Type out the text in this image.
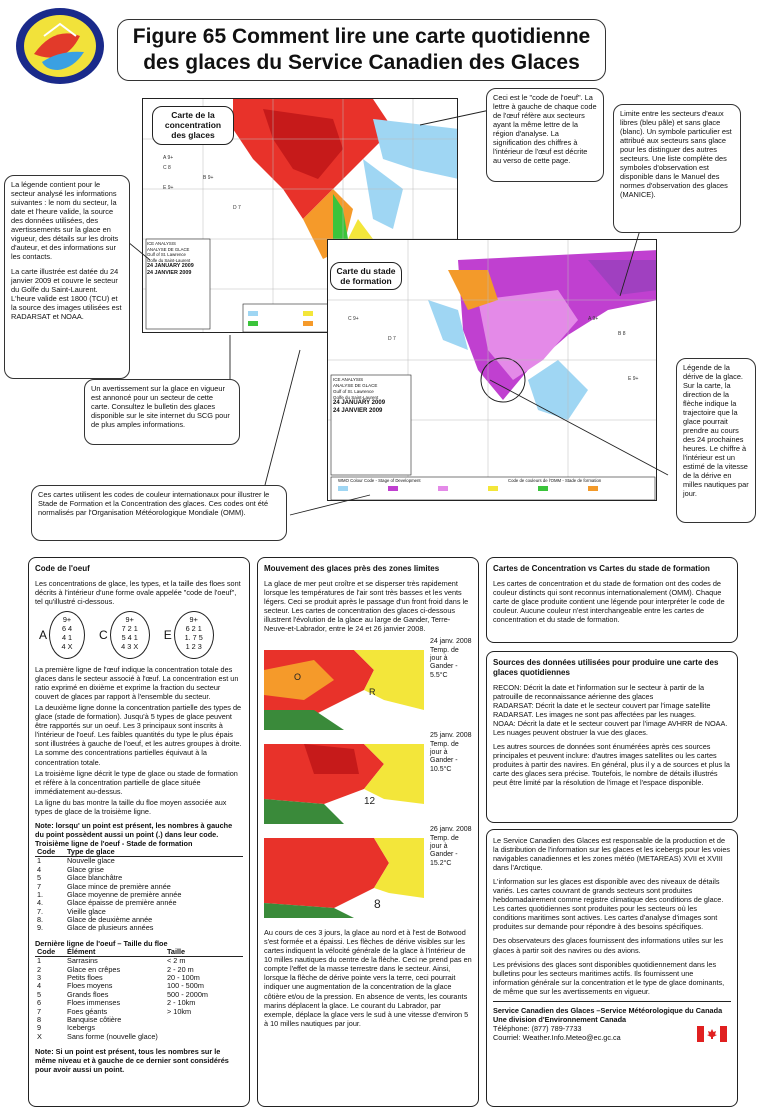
Figure 65 Comment lire une carte quotidienne
des glaces du Service Canadien des Glaces
A 9+
C 8
E 9+
B 9+
D 7
ICE ANALYSIS
ANALYSE DE GLACE
Gulf of St. Lawrence
Golfe du Saint-Laurent
24 JANUARY 2009
24 JANVIER 2009
Carte de la concentration des glaces
A 9+
B 8
C 9+
D 7
E 9+
ICE ANALYSIS
ANALYSE DE GLACE
Gulf of St. Lawrence
Golfe du Saint-Laurent
24 JANUARY 2009
24 JANVIER 2009
WMO Colour Code - Stage of Development	Code de couleurs de l'OMM - Stade de formation
Carte du stade de formation
Ceci est le "code de l'oeuf". La lettre à gauche de chaque code de l'œuf réfère aux secteurs ayant la même lettre de la région d'analyse. La signification des chiffres à l'intérieur de l'œuf est décrite au verso de cette page.
Limite entre les secteurs d'eaux libres (bleu pâle) et sans glace (blanc). Un symbole particulier est attribué aux secteurs sans glace pour les distinguer des autres secteurs. Une liste complète des symboles d'observation est disponible dans le Manuel des normes d'observation des glaces (MANICE).

La légende contient pour le secteur analysé les informations suivantes : le nom du secteur, la date et l'heure valide, la source des données utilisées, des avertissements sur la glace en vigueur, des détails sur les droits d'auteur, et des informations sur les contacts.

La carte illustrée est datée du 24 janvier 2009 et couvre le secteur du Golfe du Saint-Laurent. L'heure valide est 1800 (TCU) et la source des images utilisées est RADARSAT et NOAA.

Un avertissement sur la glace en vigueur est annoncé pour un secteur de cette carte. Consultez le bulletin des glaces disponible sur le site internet du SCG pour de plus amples informations.
Légende de la dérive de la glace. Sur la carte, la direction de la flèche indique la trajectoire que la glace pourrait prendre au cours des 24 prochaines heures. Le chiffre à l'intérieur est un estimé de la vitesse de la dérive en milles nautiques par jour.
Ces cartes utilisent les codes de couleur internationaux pour illustrer le Stade de Formation et la Concentration des glaces. Ces codes ont été normalisés par l'Organisation Météorologique Mondiale (OMM).
Code de l'oeuf

Les concentrations de glace, les types, et la taille des floes sont décrits à l'intérieur d'une forme ovale appelée "code de l'oeuf", tel qu'illustré ci-dessous.

A
9+
6 4
4 1
4 X
C
9+
7 2 1
5 4 1
4 3 X
E
9+
6 2 1
1. 7 5
1 2 3

La première ligne de l'œuf indique la concentration totale des glaces dans le secteur associé à l'œuf. La concentration est un ratio exprimé en dixième et exprime la fraction du secteur couvert de glaces par rapport à l'ensemble du secteur.

La deuxième ligne donne la concentration partielle des types de glace (stade de formation). Jusqu'à 5 types de glace peuvent être rapportés sur un oeuf. Les 3 principaux sont inscrits à l'intérieur de l'oeuf. Les faibles quantités du type le plus épais sont illustrées à gauche de l'oeuf, et les autres groupes à droite. La somme des concentrations partielles équivaut à la concentration totale.

La troisième ligne décrit le type de glace ou stade de formation et réfère à la concentration partielle de glace située immédiatement au-dessus.

La ligne du bas montre la taille du floe moyen associée aux types de glace de la troisième ligne.

Note: lorsqu' un point est présent, les nombres à gauche du point possèdent aussi un point (.) dans leur code.

Troisième ligne de l'oeuf - Stade de formation
Code	Type de glace
1	Nouvelle glace
4	Glace grise
5	Glace blanchâtre
7	Glace mince de première année
1.	Glace moyenne de première année
4.	Glace épaisse de première année
7.	Vieille glace
8.	Glace de deuxième année
9.	Glace de plusieurs années
Dernière ligne de l'oeuf – Taille du floe
Code	Élément	Taille
1	Sarrasins	< 2 m
2	Glace en crêpes	2 - 20 m
3	Petits floes	20 - 100m
4	Floes moyens	100 - 500m
5	Grands floes	500 - 2000m
6	Floes immenses	2 - 10km
7	Foes géants	> 10km
8	Banquise côtière	
9	Icebergs	
X	Sans forme (nouvelle glace)	

Note: Si un point est présent, tous les nombres sur le même niveau et à gauche de ce dernier sont considérés pour avoir aussi un point.

Mouvement des glaces près des zones limites

La glace de mer peut croître et se disperser très rapidement lorsque les températures de l'air sont très basses et les vents légers. Ceci se produit après le passage d'un front froid dans le secteur. Les cartes de concentration des glaces ci-dessous illustrent l'évolution de la glace au large de Gander, Terre-Neuve-et-Labrador, entre le 24 et 26 janvier 2008.

O
R
24 janv. 2008
Temp. de jour à
Gander - 5.5°C
12
25 janv. 2008
Temp. de jour à
Gander - 10.5°C
8
26 janv. 2008
Temp. de jour à
Gander - 15.2°C

Au cours de ces 3 jours, la glace au nord et à l'est de Botwood s'est formée et a épaissi. Les flèches de dérive visibles sur les cartes indiquent la vélocité générale de la glace à l'intérieur de 10 milles nautiques du centre de la flèche. Ceci ne prend pas en compte l'effet de la masse terrestre dans le secteur. Ainsi, lorsque la flèche de dérive pointe vers la terre, ceci pourrait indiquer une augmentation de la concentration de la glace côtière et/ou de la pression. En absence de vents, les courants marins déplacent la glace. Le courant du Labrador, par exemple, déplace la glace vers le sud à une vitesse d'environ 5 à 10 milles nautiques par jour.

Cartes de Concentration vs Cartes du stade de formation

Les cartes de concentration et du stade de formation ont des codes de couleur distincts qui sont reconnus internationalement (OMM). Chaque carte de glace produite contient une légende pour interpréter le code de couleur. Aucune couleur n'est interchangeable entre les cartes de concentration et du stade de formation.

Sources des données utilisées pour produire une carte des glaces quotidiennes

RECON: Décrit la date et l'information sur le secteur à partir de la patrouille de reconnaissance aérienne des glaces

RADARSAT: Décrit la date et le secteur couvert par l'image satellite RADARSAT. Les images ne sont pas affectées par les nuages.

NOAA: Décrit la date et le secteur couvert par l'image AVHRR de NOAA. Les nuages peuvent obstruer la vue des glaces.

Les autres sources de données sont énumérées après ces sources principales et peuvent inclure: d'autres images satellites ou les cartes produites à partir des navires. En général, plus il y a de sources et plus la carte des glaces sera précise. Toutefois, le nombre de détails illustrés peut être limité par la résolution de l'image et l'espace disponible.

Le Service Canadien des Glaces est responsable de la production et de la distribution de l'information sur les glaces et les icebergs pour les voies navigables canadiennes et les zones météo (METAREAS) XVII et XVIII dans l'Arctique.

L'information sur les glaces est disponible avec des niveaux de détails variés. Les cartes couvrant de grands secteurs sont produites hebdomadairement comme registre climatique des conditions de glace. Les cartes quotidiennes sont produites pour les secteurs où les conditions maritimes sont actives. Les cartes d'analyse d'images sont produites sur demande pour répondre à des besoins spécifiques.

Des observateurs des glaces fournissent des informations utiles sur les glaces à partir soit des navires ou des avions.

Les prévisions des glaces sont disponibles quotidiennement dans les bulletins pour les secteurs maritimes actifs. Ils fournissent une information générale sur la concentration et le type de glace dominants, de même que sur les avertissements en vigueur.

Service Canadien des Glaces –Service Météorologique du Canada
Une division d'Environnement Canada
Téléphone: (877) 789-7733
Courriel: Weather.Info.Meteo@ec.gc.ca
